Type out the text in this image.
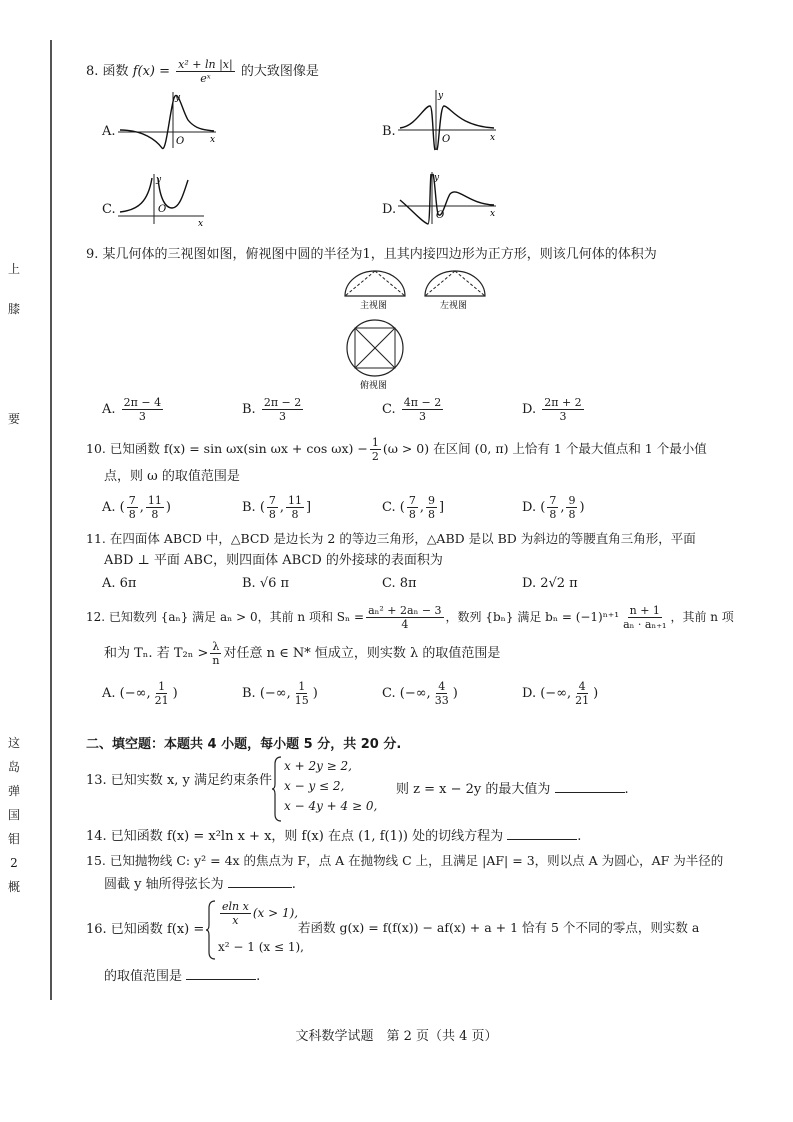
上
膝
要
这
岛
弹
国
钼
2
概
8. 函数 $f(x) = \frac{\text{x² + ln |x|}}{\text{eˣ}}$ 的大致图像是
A.
y
x
O
B.
y
x
O
C.
y
x
O	D.
y
x
O
9. 某几何体的三视图如图，俯视图中圆的半径为1，且其内接四边形为正方形，则该几何体的体积为
主视图	左视图
俯视图
A. $\frac{2\pi - 4}{3}$	B. $\frac{2\pi - 2}{3}$	C. $\frac{4\pi - 2}{3}$	D. $\frac{2\pi + 2}{3}$
10. 已知函数 f(x) = sin ωx(sin $\omega x + \cos \omega x) - \frac{1}{2} (\omega > 0)$ 在区间 (0, π) 上恰有 1 个最大值点和 1 个最小值
点，则 ω 的取值范围是
A. ( $\frac{7}{8}$ , $\frac{11}{8}$ )	B. ( $\frac{7}{8}$ , $\frac{11}{8}$ ]	C. ( $\frac{7}{8}$ , $\frac{9}{8}$ ]	D. ( $\frac{7}{8}$ , $\frac{9}{8}$ )
11. 在四面体 ABCD 中，△BCD 是边长为 2 的等边三角形，△ABD 是以 BD 为斜边的等腰直角三角形，平面
ABD ⊥ 平面 ABC，则四面体 ABCD 的外接球的表面积为
A. 6π	B. √6 π	C. 8π	D. 2√2 π
12. 已知数列 {aₙ} 满足 aₙ > 0，其前 n 项和 $S_n = \frac{\text{aₙ² + 2aₙ − 3}}{4}$ ，数列 {bₙ} 满足 $b_n = (-1)^{n+1} \frac{n + 1}{\text{aₙ · aₙ₊₁}}$ ，其前 n 项
和为 Tₙ. 若 $T_{2n} > \frac{\lambda}{n}$ 对任意 n ∈ N* 恒成立，则实数 λ 的取值范围是
A. (−∞, $\frac{1}{21}$ )	B. (−∞, $\frac{1}{15}$ )	C. (−∞, $\frac{4}{33}$ )	D. (−∞, $\frac{4}{21}$ )
二、填空题：本题共 4 小题，每小题 5 分，共 20 分.
13. 已知实数 x, y 满足约束条件
x + 2y ≥ 2,
x − y ≤ 2,
x − 4y + 4 ≥ 0,
则 z = x − 2y 的最大值为	.
14. 已知函数 f(x) = x²ln x + x，则 f(x) 在点 (1, f(1)) 处的切线方程为	.
15. 已知抛物线 C: y² = 4x 的焦点为 F，点 A 在抛物线 C 上，且满足 |AF| = 3，则以点 A 为圆心，AF 为半径的
圆截 y 轴所得弦长为	.
16. 已知函数 f(x) =
$\frac{\text{eln x}}{x} (x > 1)$,
x² − 1 (x ≤ 1),
若函数 g(x) = f(f(x)) − af(x) + a + 1 恰有 5 个不同的零点，则实数 a
的取值范围是	.
文科数学试题　第 2 页（共 4 页）
